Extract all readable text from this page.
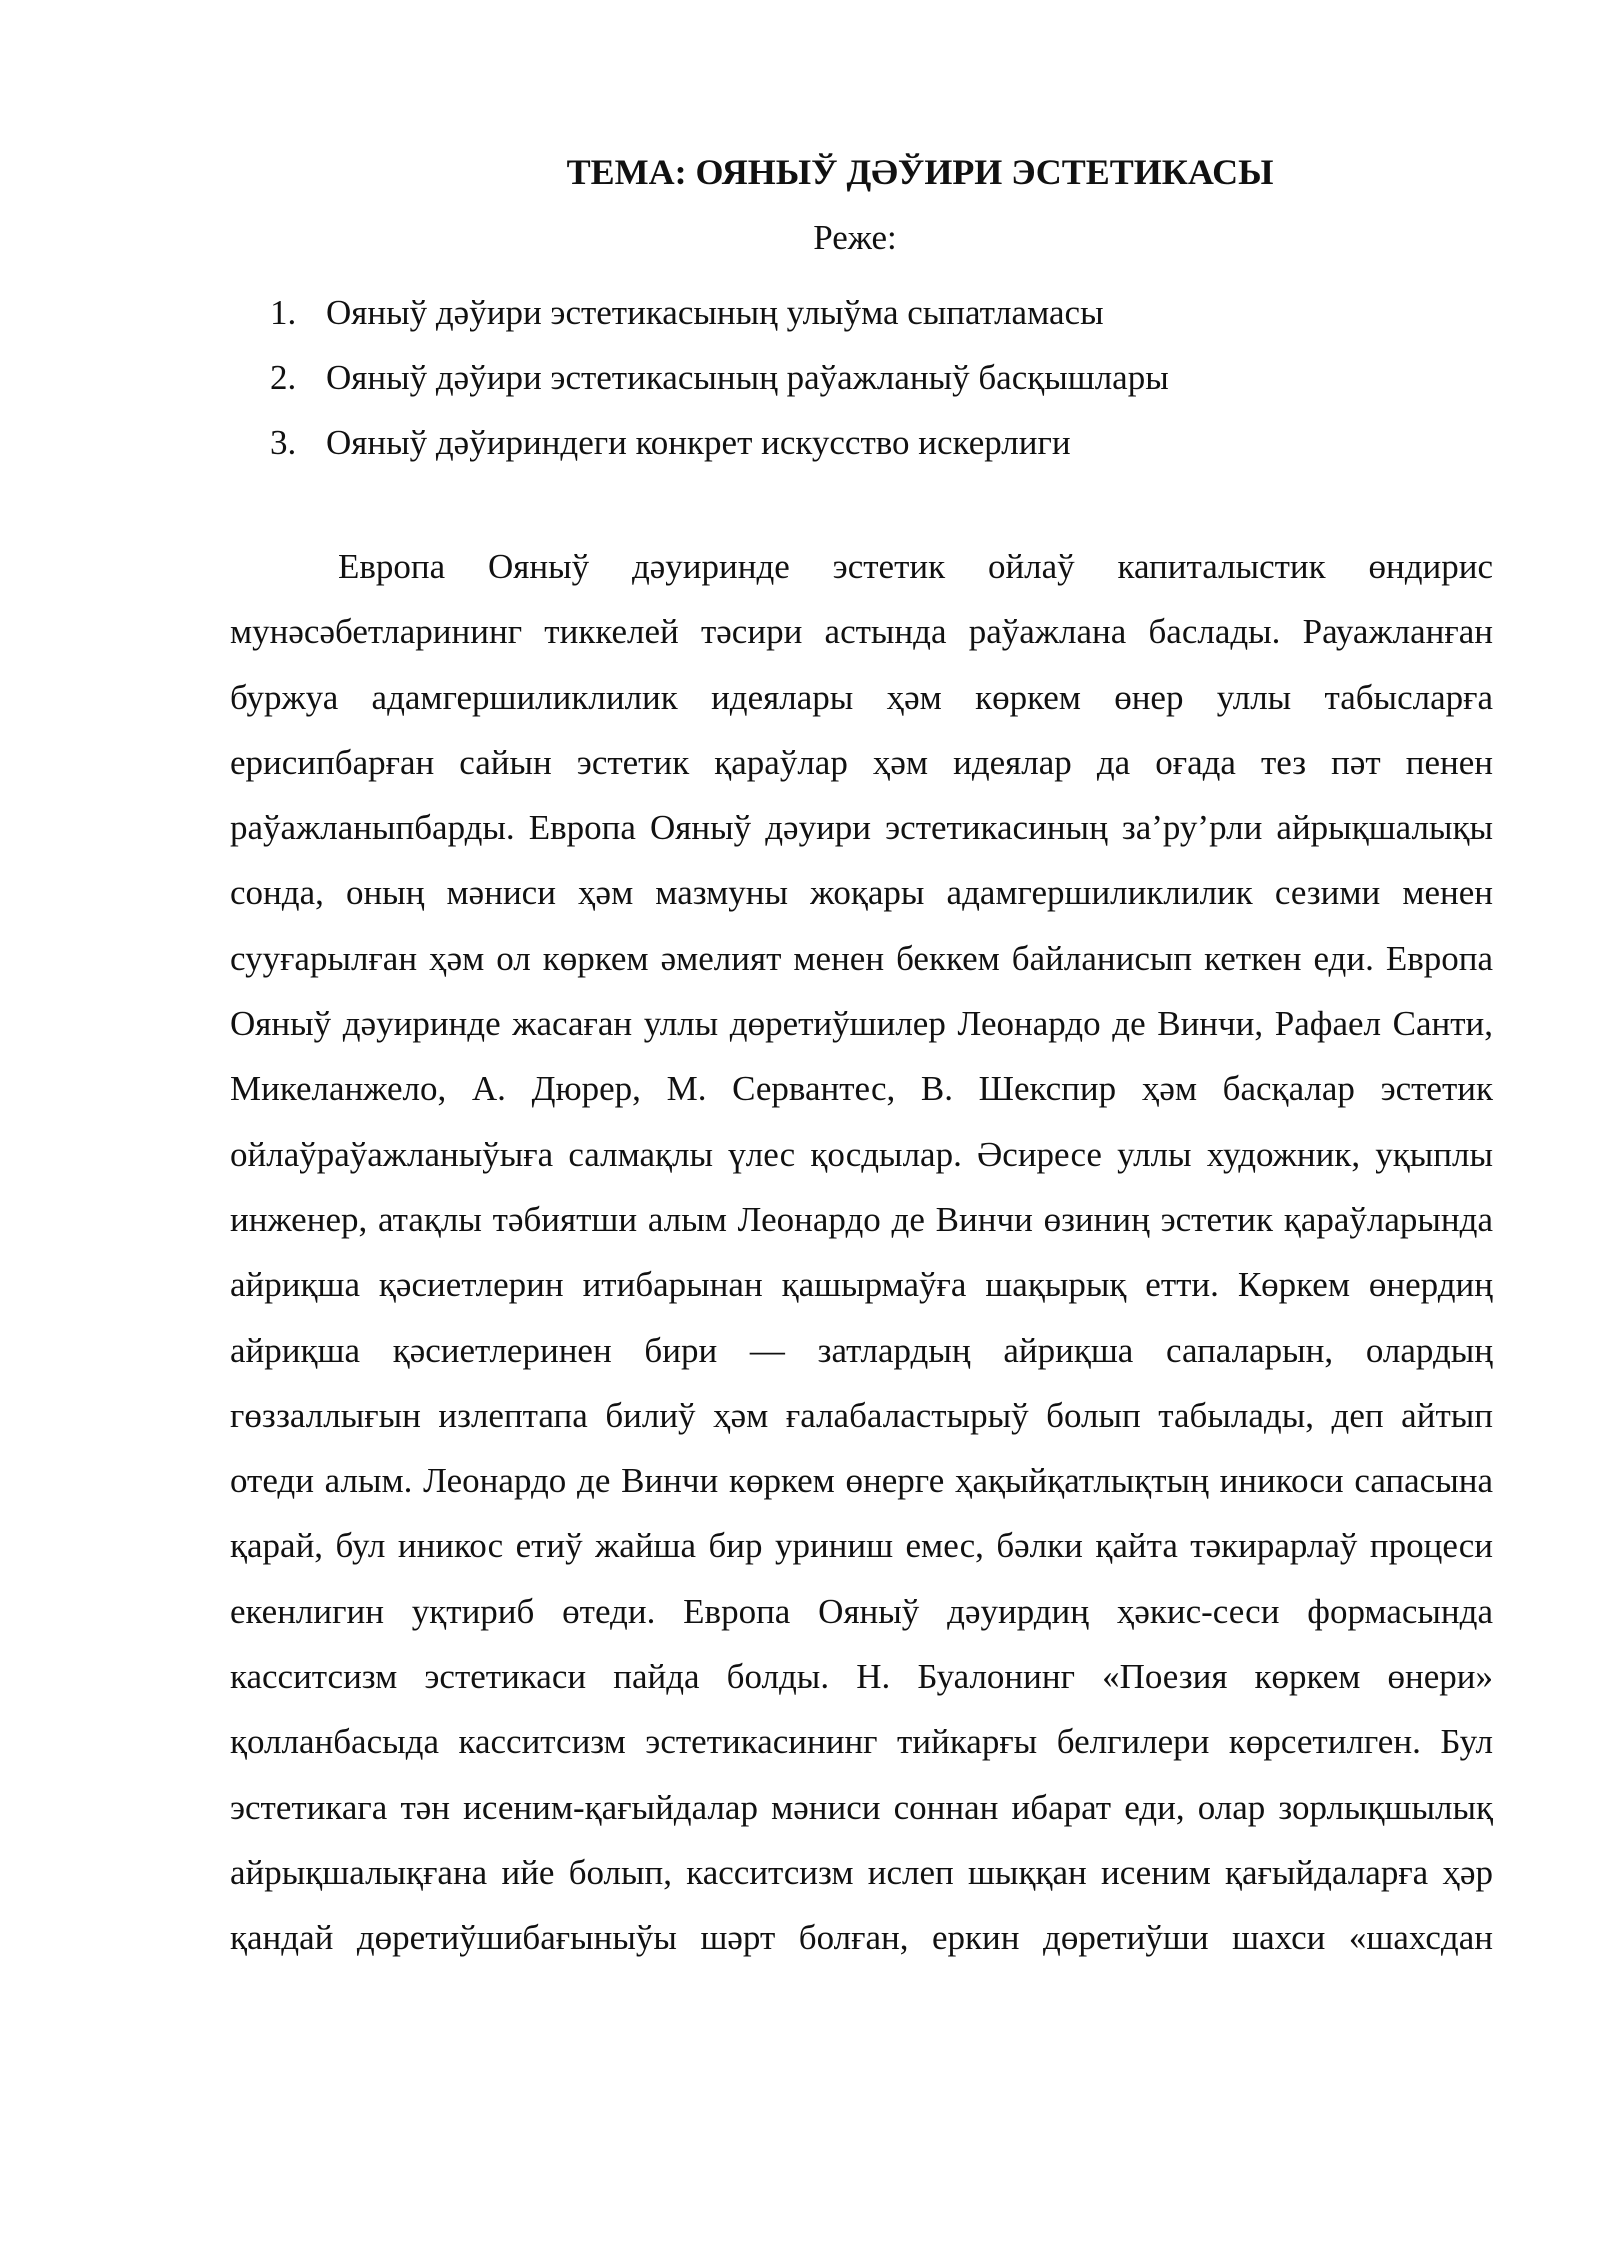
ТЕМА: ОЯНЫЎ ДӘЎИРИ ЭСТЕТИКАСЫ

Реже:

1. Ояныў дәўири эстетикасының улыўма сыпатламасы
2. Ояныў дәўири эстетикасының раўажланыў басқышлары
3. Ояныў дәўириндеги конкрет искусство искерлиги

Европа Ояныў дәуиринде эстетик ойлаў капиталыстик өндирис мунәсәбетларининг тиккелей тәсири астында раўажлана баслады. Рауажланған буржуа адамгершиликлилик идеялары ҳәм көркем өнер уллы табысларға ерисипбарған сайын эстетик қараўлар ҳәм идеялар да оғада тез пәт пенен раўажланыпбарды. Европа Ояныў дәуири эстетикасиның за’ру’рли айрықшалықы сонда, оның мәниси ҳәм мазмуны жоқары адамгершиликлилик сезими менен сууғарылған ҳәм ол көркем әмелият менен беккем байланисып кеткен еди. Европа Ояныў дәуиринде жасаған уллы дөретиўшилер Леонардо де Винчи, Рафаел Санти, Микеланжело, А. Дюрер, М. Сервантес, В. Шекспир ҳәм басқалар эстетик ойлаўраўажланыўыға салмақлы үлес қосдылар. Әсиресе уллы художник, уқыплы инженер, атақлы тәбиятши алым Леонардо де Винчи өзиниң эстетик қараўларында айриқша қәсиетлерин итибарынан қашырмаўға шақырық етти. Көркем өнердиң айриқша қәсиетлеринен бири — затлардың айриқша сапаларын, олардың гөззаллығын излептапа билиў ҳәм ғалабаластырыў болып табылады, деп айтып отеди алым. Леонардо де Винчи көркем өнерге ҳақыйқатлықтың иникоси сапасына қарай, бул иникос етиў жайша бир уриниш емес, бәлки қайта тәкирарлаў процеси екенлигин уқтириб өтеди. Европа Ояныў дәуирдиң ҳәкис-сеси формасында касситсизм эстетикаси пайда болды. Н. Буалонинг «Поезия көркем өнери» қолланбасыда касситсизм эстетикасининг тийкарғы белгилери көрсетилген. Бул эстетикага тән исеним-қағыйдалар мәниси соннан ибарат еди, олар зорлықшылық айрықшалықғана ийе болып, касситсизм ислеп шыққан исеним қағыйдаларға ҳәр қандай дөретиўшибағыныўы шәрт болған, еркин дөретиўши шахси «шахсдан
